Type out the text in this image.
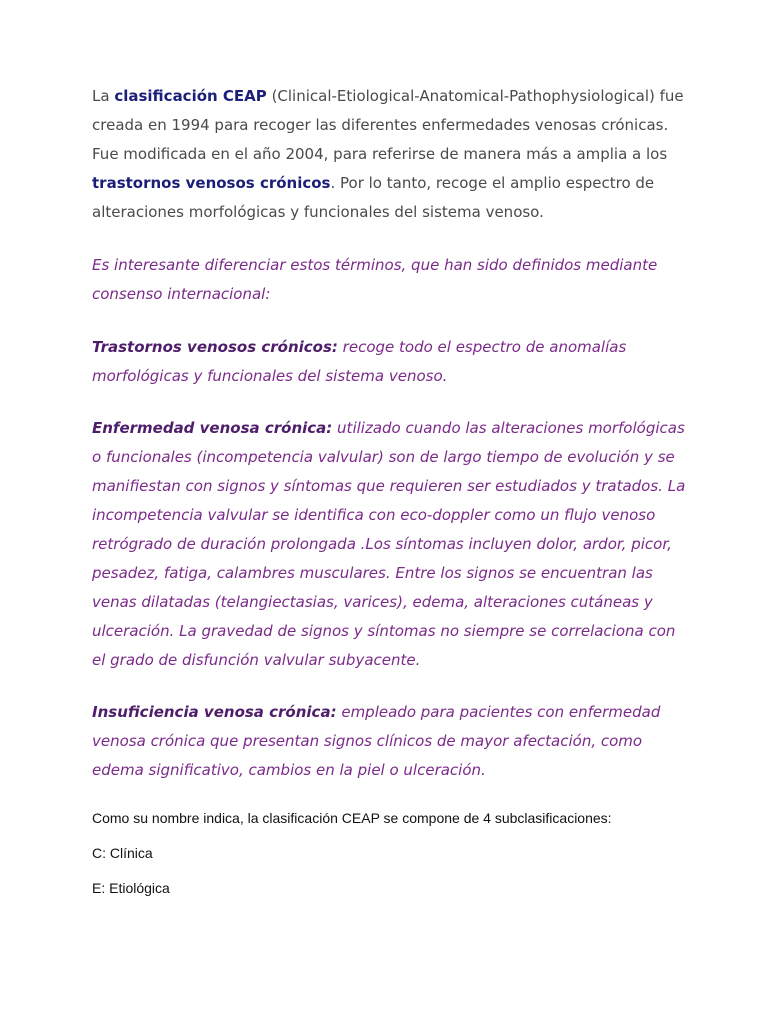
La clasificación CEAP (Clinical-Etiological-Anatomical-Pathophysiological) fue creada en 1994 para recoger las diferentes enfermedades venosas crónicas. Fue modificada en el año 2004, para referirse de manera más a amplia a los trastornos venosos crónicos. Por lo tanto, recoge el amplio espectro de alteraciones morfológicas y funcionales del sistema venoso.

Es interesante diferenciar estos términos, que han sido definidos mediante consenso internacional:

Trastornos venosos crónicos: recoge todo el espectro de anomalías morfológicas y funcionales del sistema venoso.

Enfermedad venosa crónica: utilizado cuando las alteraciones morfológicas o funcionales (incompetencia valvular) son de largo tiempo de evolución y se manifiestan con signos y síntomas que requieren ser estudiados y tratados. La incompetencia valvular se identifica con eco-doppler como un flujo venoso retrógrado de duración prolongada .Los síntomas incluyen dolor, ardor, picor, pesadez, fatiga, calambres musculares. Entre los signos se encuentran las venas dilatadas (telangiectasias, varices), edema, alteraciones cutáneas y ulceración. La gravedad de signos y síntomas no siempre se correlaciona con el grado de disfunción valvular subyacente.

Insuficiencia venosa crónica: empleado para pacientes con enfermedad venosa crónica que presentan signos clínicos de mayor afectación, como edema significativo, cambios en la piel o ulceración.

Como su nombre indica, la clasificación CEAP se compone de 4 subclasificaciones:

C: Clínica

E: Etiológica
